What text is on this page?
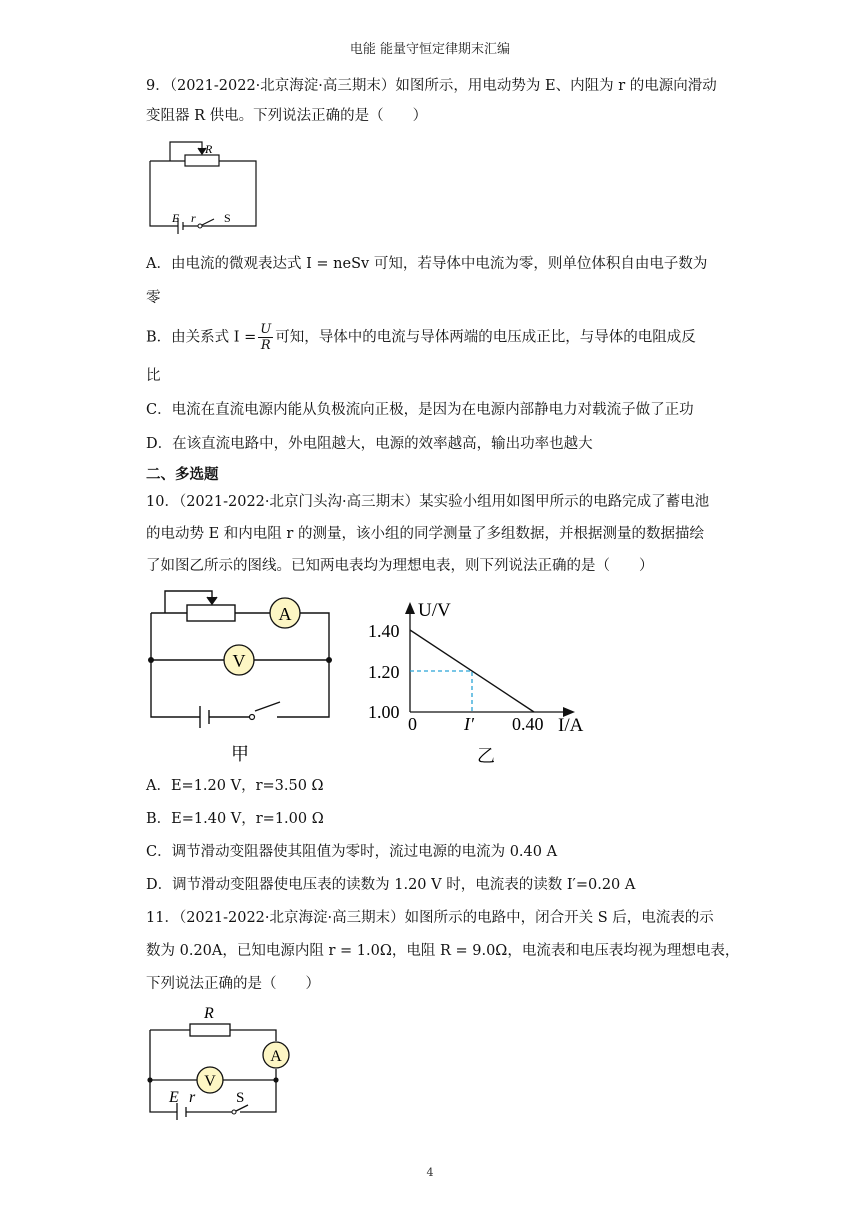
电能 能量守恒定律期末汇编
9．（2021-2022·北京海淀·高三期末）如图所示，用电动势为 E、内阻为 r 的电源向滑动
变阻器 R 供电。下列说法正确的是（　　）
R
E r S
A．由电流的微观表达式 I = neSv 可知，若导体中电流为零，则单位体积自由电子数为
零
B．由关系式 $I = \frac{U}{R}$ 可知，导体中的电流与导体两端的电压成正比，与导体的电阻成反
比
C．电流在直流电源内能从负极流向正极，是因为在电源内部静电力对载流子做了正功
D．在该直流电路中，外电阻越大，电源的效率越高，输出功率也越大
二、多选题
10．（2021-2022·北京门头沟·高三期末）某实验小组用如图甲所示的电路完成了蓄电池
的电动势 E 和内电阻 r 的测量，该小组的同学测量了多组数据，并根据测量的数据描绘
了如图乙所示的图线。已知两电表均为理想电表，则下列说法正确的是（　　）
A
V
甲
U/V
1.40
1.20
1.00
0	I′ 0.40 I/A
乙
A．E=1.20 V，r=3.50 Ω
B．E=1.40 V，r=1.00 Ω
C．调节滑动变阻器使其阻值为零时，流过电源的电流为 0.40 A
D．调节滑动变阻器使电压表的读数为 1.20 V 时，电流表的读数 I′=0.20 A
11．（2021-2022·北京海淀·高三期末）如图所示的电路中，闭合开关 S 后，电流表的示
数为 0.20A，已知电源内阻 r = 1.0Ω，电阻 R = 9.0Ω，电流表和电压表均视为理想电表，
下列说法正确的是（　　）
A
V
R
E r	S
4
